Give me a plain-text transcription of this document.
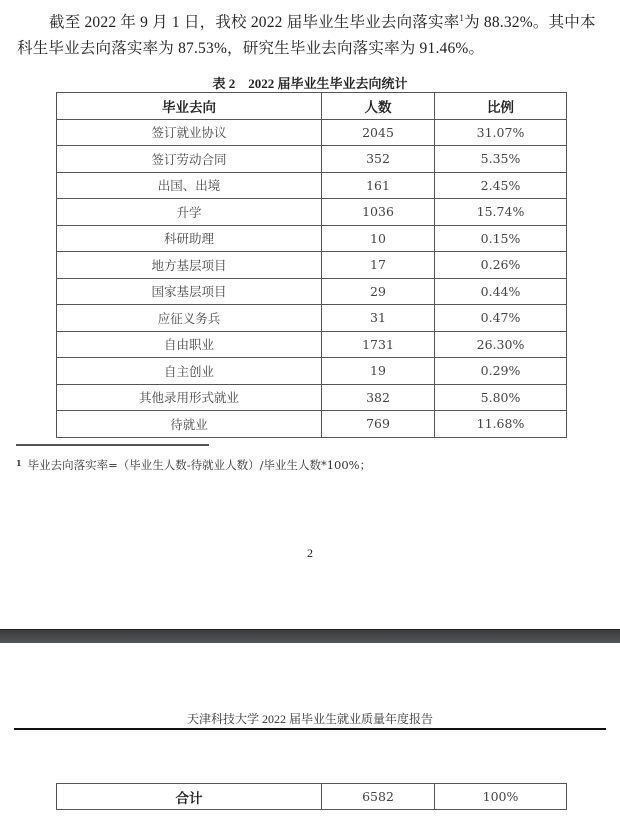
截至 2022 年 9 月 1 日，我校 2022 届毕业生毕业去向落实率$^1$为 88.32%。其中本科生毕业去向落实率为 87.53%，研究生毕业去向落实率为 91.46%。

表 2　2022 届毕业生毕业去向统计
毕业去向	人数	比例
签订就业协议	2045	31.07%
签订劳动合同	352	5.35%
出国、出境	161	2.45%
升学	1036	15.74%
科研助理	10	0.15%
地方基层项目	17	0.26%
国家基层项目	29	0.44%
应征义务兵	31	0.47%
自由职业	1731	26.30%
自主创业	19	0.29%
其他录用形式就业	382	5.80%
待就业	769	11.68%
$^1$ 毕业去向落实率=（毕业生人数-待就业人数）/毕业生人数*100%；
2
天津科技大学 2022 届毕业生就业质量年度报告
合计	6582	100%
